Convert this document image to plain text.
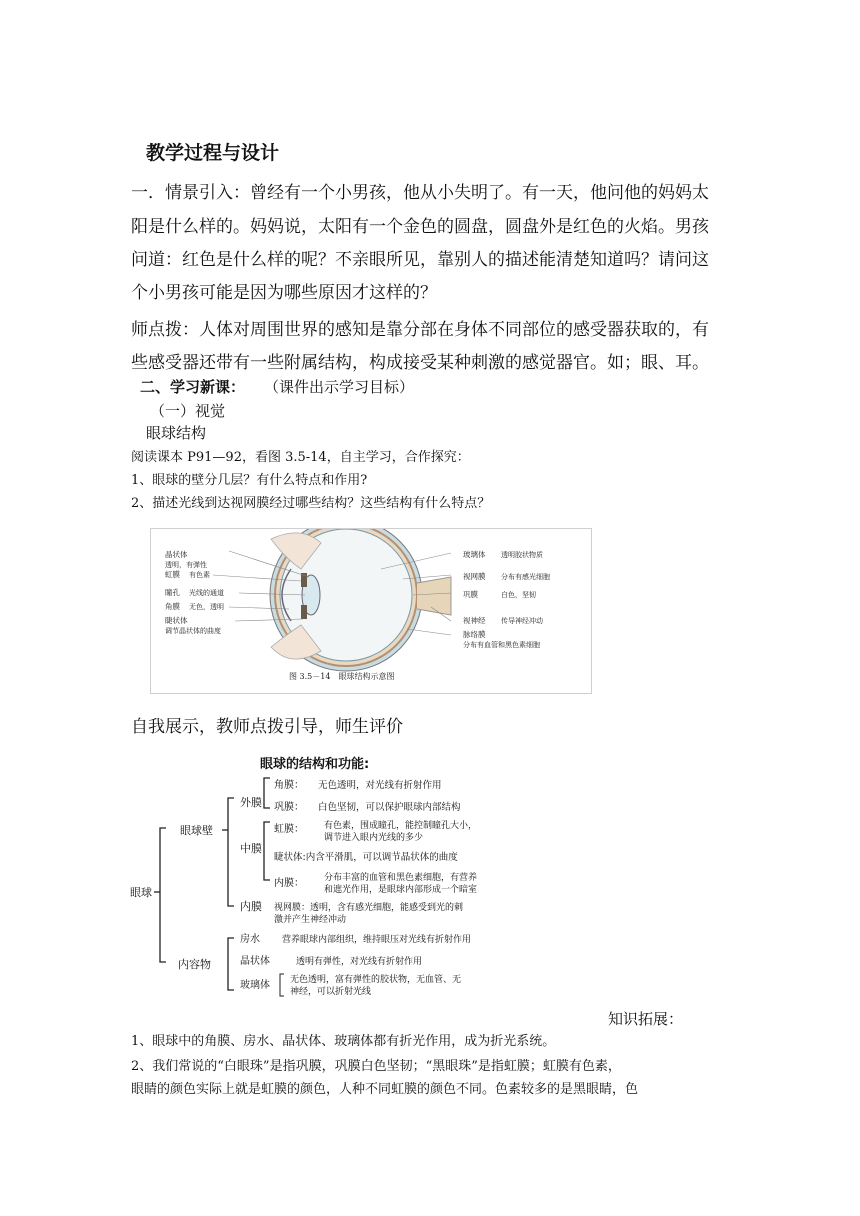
教学过程与设计
一．情景引入：曾经有一个小男孩，他从小失明了。有一天，他问他的妈妈太
阳是什么样的。妈妈说，太阳有一个金色的圆盘，圆盘外是红色的火焰。男孩
问道：红色是什么样的呢？不亲眼所见，靠别人的描述能清楚知道吗？请问这
个小男孩可能是因为哪些原因才这样的？
师点拨：人体对周围世界的感知是靠分部在身体不同部位的感受器获取的，有
些感受器还带有一些附属结构，构成接受某种刺激的感觉器官。如；眼、耳。
二、学习新课： （课件出示学习目标）
（一）视觉
眼球结构
阅读课本 P91—92，看图 3.5-14，自主学习，合作探究：
1、眼球的壁分几层？有什么特点和作用?
2、描述光线到达视网膜经过哪些结构？这些结构有什么特点？
晶状体
透明，有弹性
虹膜 有色素
瞳孔 光线的通道
角膜 无色，透明
睫状体
调节晶状体的曲度
玻璃体 透明胶状物质
视网膜 分布有感光细胞
巩膜	白色，坚韧
视神经 传导神经冲动
脉络膜
分布有血管和黑色素细胞
图 3.5－14　眼球结构示意图
自我展示，教师点拨引导，师生评价
眼球的结构和功能:
眼球
眼球壁
外膜
角膜： 无色透明，对光线有折射作用
巩膜： 白色坚韧，可以保护眼球内部结构
中膜
虹膜： 有色素，围成瞳孔，能控制瞳孔大小，
调节进入眼内光线的多少
睫状体:内含平滑肌，可以调节晶状体的曲度
内膜： 分布丰富的血管和黑色素细胞，有营养
和遮光作用，是眼球内部形成一个暗室
内膜 视网膜：透明，含有感光细胞，能感受到光的刺
激并产生神经冲动
内容物
房水 营养眼球内部组织，维持眼压对光线有折射作用
晶状体	透明有弹性，对光线有折射作用
玻璃体 无色透明，富有弹性的胶状物，无血管、无
神经，可以折射光线
知识拓展：
1、眼球中的角膜、房水、晶状体、玻璃体都有折光作用，成为折光系统。
2、我们常说的“白眼珠”是指巩膜，巩膜白色坚韧；“黑眼珠”是指虹膜；虹膜有色素，
眼睛的颜色实际上就是虹膜的颜色，人种不同虹膜的颜色不同。色素较多的是黑眼睛，色
